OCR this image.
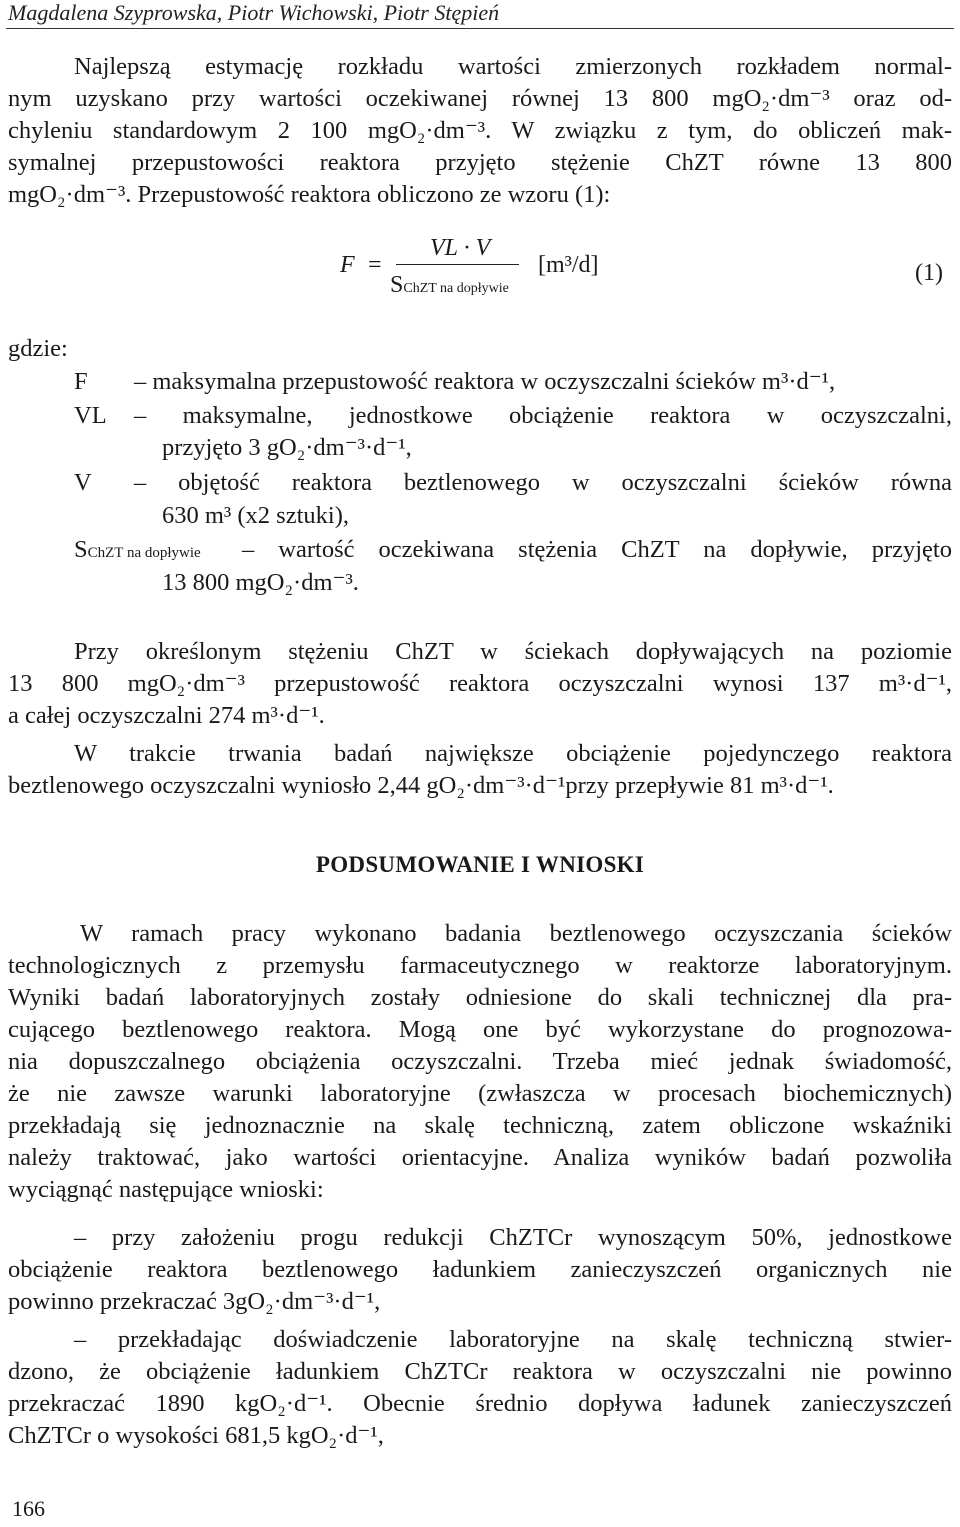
Magdalena Szyprowska, Piotr Wichowski, Piotr Stępień
Najlepszą estymację rozkładu wartości zmierzonych rozkładem normal-
nym uzyskano przy wartości oczekiwanej równej 13 800 mgO₂·dm⁻³ oraz od-
chyleniu standardowym 2 100 mgO₂·dm⁻³. W związku z tym, do obliczeń mak-
symalnej przepustowości reaktora przyjęto stężenie ChZT równe 13 800
mgO₂·dm⁻³. Przepustowość reaktora obliczono ze wzoru (1):
F =
VL · V
SChZT na dopływie
[m³/d]	(1)
gdzie:
F – maksymalna przepustowość reaktora w oczyszczalni ścieków m³·d⁻¹,
VL – maksymalne, jednostkowe obciążenie reaktora w oczyszczalni,
przyjęto 3 gO₂·dm⁻³·d⁻¹,
V – objętość reaktora beztlenowego w oczyszczalni ścieków równa
630 m³ (x2 sztuki),
SChZT na dopływie – wartość oczekiwana stężenia ChZT na dopływie, przyjęto
13 800 mgO₂·dm⁻³.
Przy określonym stężeniu ChZT w ściekach dopływających na poziomie
13 800 mgO₂·dm⁻³ przepustowość reaktora oczyszczalni wynosi 137 m³·d⁻¹,
a całej oczyszczalni 274 m³·d⁻¹.
W trakcie trwania badań największe obciążenie pojedynczego reaktora
beztlenowego oczyszczalni wyniosło 2,44 gO₂·dm⁻³·d⁻¹przy przepływie 81 m³·d⁻¹.
PODSUMOWANIE I WNIOSKI
W ramach pracy wykonano badania beztlenowego oczyszczania ścieków
technologicznych z przemysłu farmaceutycznego w reaktorze laboratoryjnym.
Wyniki badań laboratoryjnych zostały odniesione do skali technicznej dla pra-
cującego beztlenowego reaktora. Mogą one być wykorzystane do prognozowa-
nia dopuszczalnego obciążenia oczyszczalni. Trzeba mieć jednak świadomość,
że nie zawsze warunki laboratoryjne (zwłaszcza w procesach biochemicznych)
przekładają się jednoznacznie na skalę techniczną, zatem obliczone wskaźniki
należy traktować, jako wartości orientacyjne. Analiza wyników badań pozwoliła
wyciągnąć następujące wnioski:
– przy założeniu progu redukcji ChZTCr wynoszącym 50%, jednostkowe
obciążenie reaktora beztlenowego ładunkiem zanieczyszczeń organicznych nie
powinno przekraczać 3gO₂·dm⁻³·d⁻¹,
– przekładając doświadczenie laboratoryjne na skalę techniczną stwier-
dzono, że obciążenie ładunkiem ChZTCr reaktora w oczyszczalni nie powinno
przekraczać 1890 kgO₂·d⁻¹. Obecnie średnio dopływa ładunek zanieczyszczeń
ChZTCr o wysokości 681,5 kgO₂·d⁻¹,
166
